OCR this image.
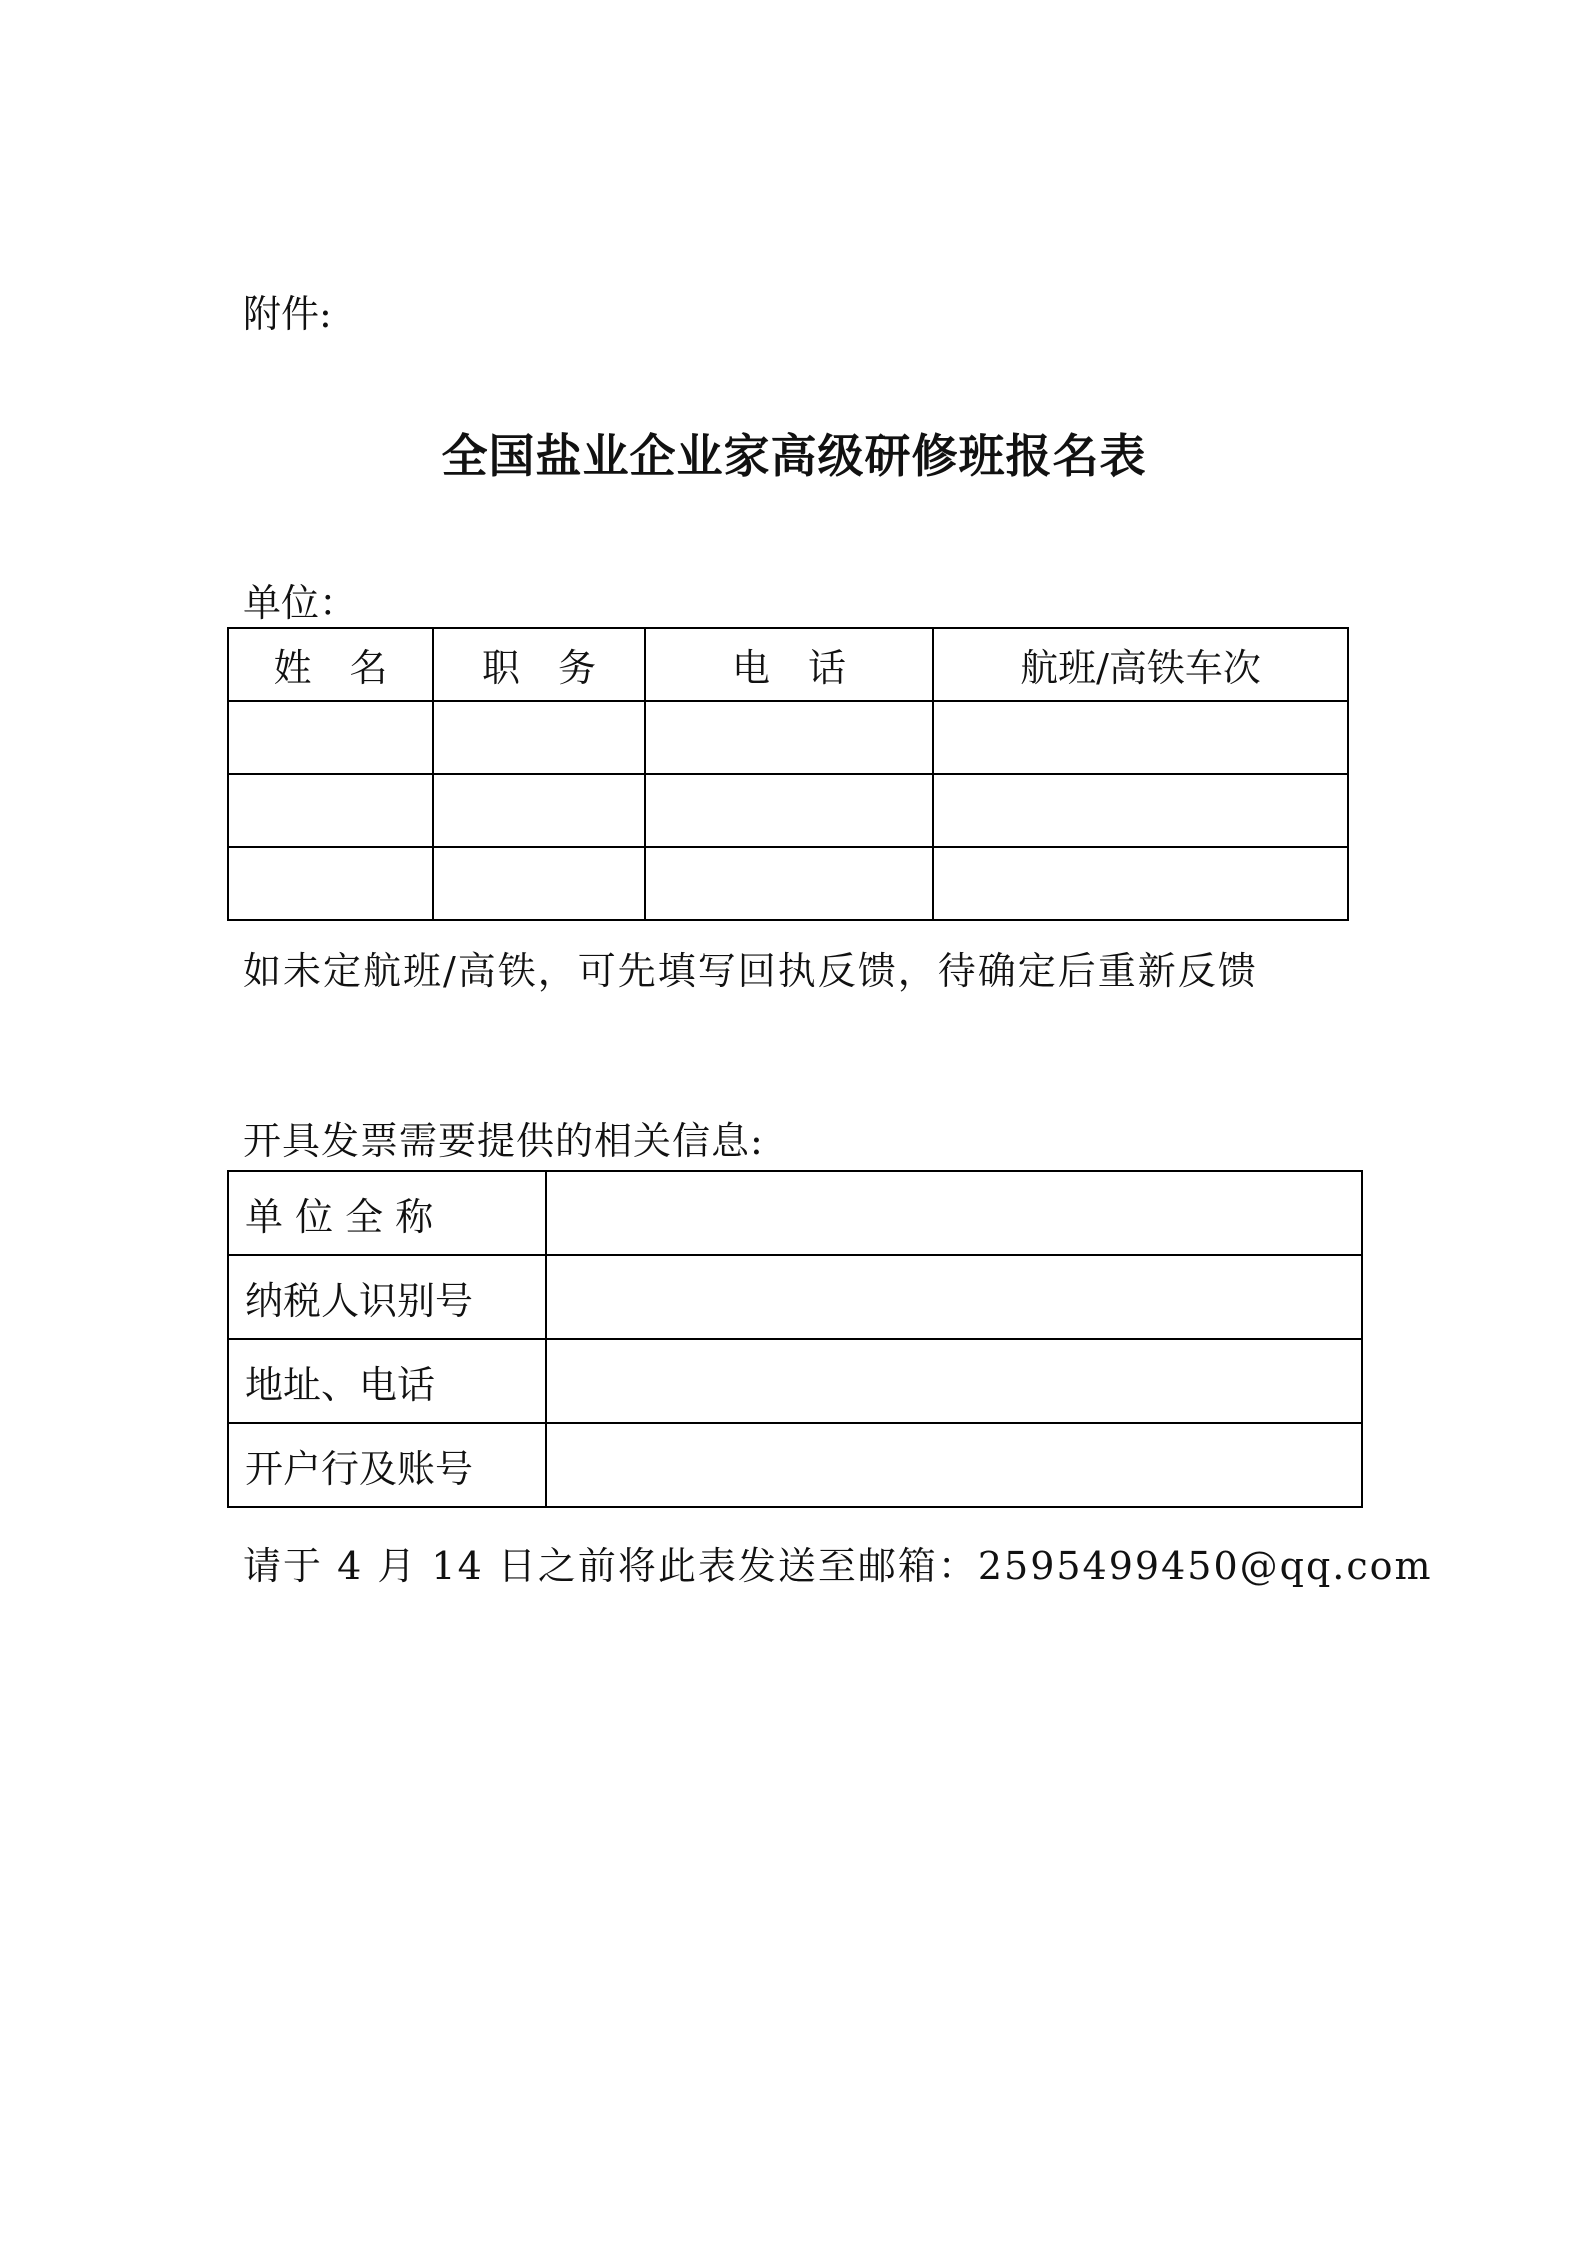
附件:
全国盐业企业家高级研修班报名表
单位：
姓　名	职　务	电　话	航班/高铁车次

如未定航班/高铁，可先填写回执反馈，待确定后重新反馈
开具发票需要提供的相关信息:
单 位 全 称	
纳税人识别号	
地址、电话	
开户行及账号	
请于 4 月 14 日之前将此表发送至邮箱：2595499450@qq.com
